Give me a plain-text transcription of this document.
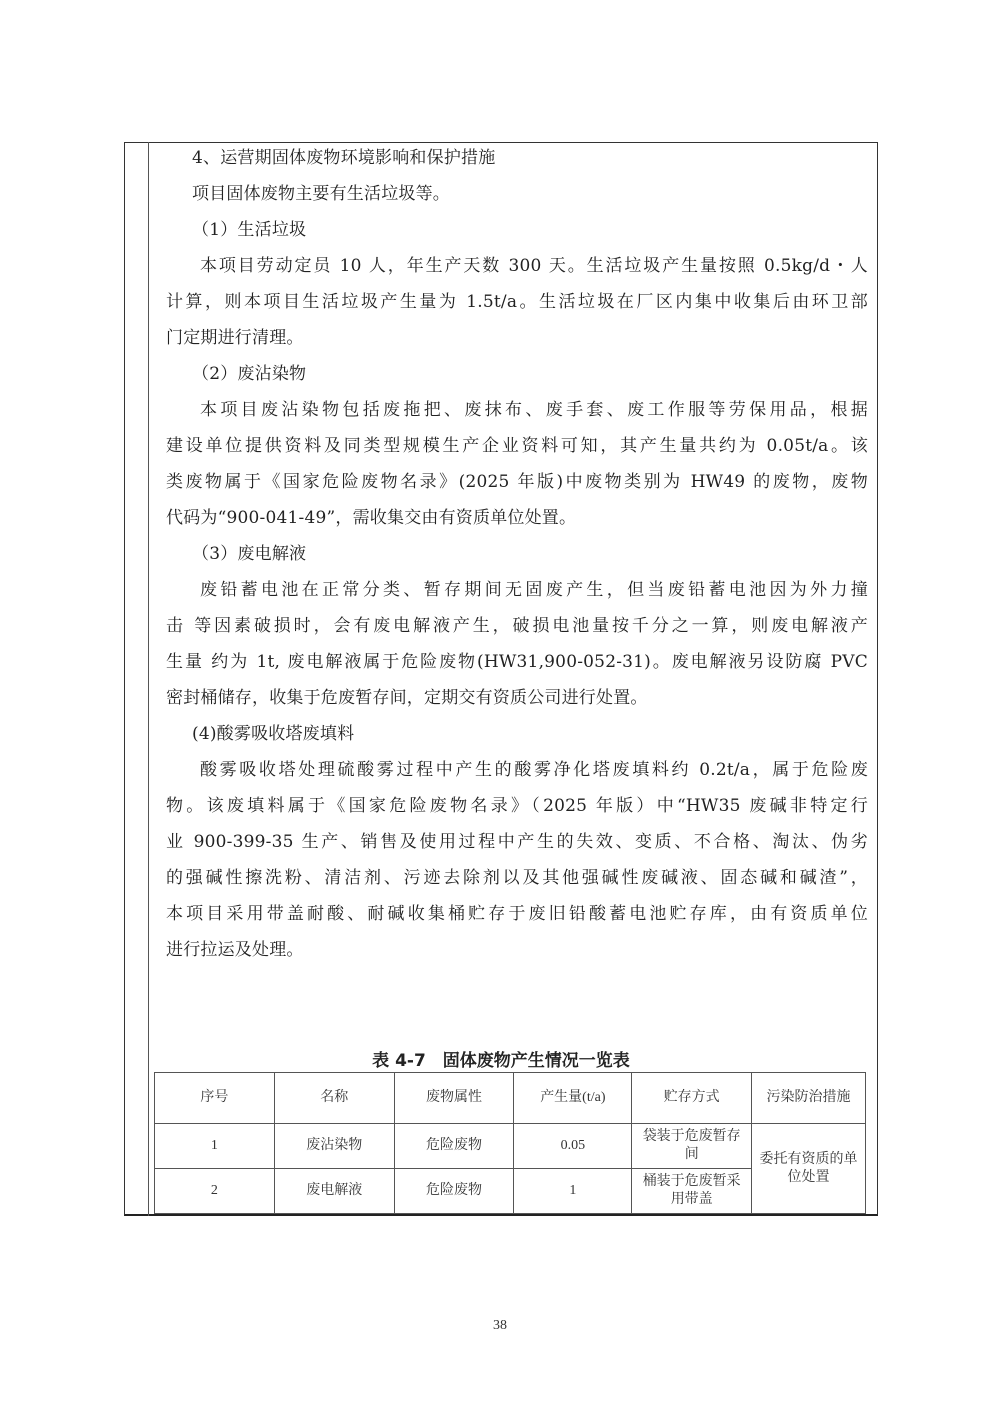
4、运营期固体废物环境影响和保护措施
项目固体废物主要有生活垃圾等。
（1）生活垃圾
本项目劳动定员 10 人，年生产天数 300 天。生活垃圾产生量按照 0.5kg/d・人
计算，则本项目生活垃圾产生量为 1.5t/a。生活垃圾在厂区内集中收集后由环卫部
门定期进行清理。
（2）废沾染物
本项目废沾染物包括废拖把、废抹布、废手套、废工作服等劳保用品，根据
建设单位提供资料及同类型规模生产企业资料可知，其产生量共约为 0.05t/a。该
类废物属于《国家危险废物名录》(2025 年版)中废物类别为 HW49 的废物，废物
代码为“900-041-49”，需收集交由有资质单位处置。
（3）废电解液
废铅蓄电池在正常分类、暂存期间无固废产生，但当废铅蓄电池因为外力撞
击 等因素破损时，会有废电解液产生，破损电池量按千分之一算，则废电解液产
生量 约为 1t, 废电解液属于危险废物(HW31,900-052-31)。废电解液另设防腐 PVC
密封桶储存，收集于危废暂存间，定期交有资质公司进行处置。
(4)酸雾吸收塔废填料
酸雾吸收塔处理硫酸雾过程中产生的酸雾净化塔废填料约 0.2t/a，属于危险废
物。该废填料属于《国家危险废物名录》（2025 年版）中“HW35 废碱非特定行
业 900-399-35 生产、销售及使用过程中产生的失效、变质、不合格、淘汰、伪劣
的强碱性擦洗粉、清洁剂、污迹去除剂以及其他强碱性废碱液、固态碱和碱渣”，
本项目采用带盖耐酸、耐碱收集桶贮存于废旧铅酸蓄电池贮存库，由有资质单位
进行拉运及处理。
表 4-7　固体废物产生情况一览表
序号	名称	废物属性	产生量(t/a)	贮存方式	污染防治措施
1	废沾染物	危险废物	0.05	袋装于危废暂存间	委托有资质的单位处置
2	废电解液	危险废物	1	桶装于危废暂采用带盖	
38
